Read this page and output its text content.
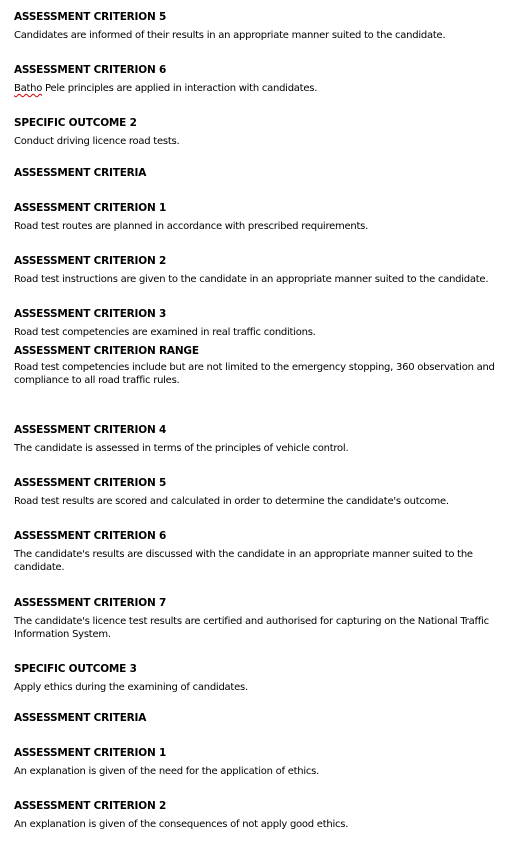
ASSESSMENT CRITERION 5
Candidates are informed of their results in an appropriate manner suited to the candidate.
ASSESSMENT CRITERION 6
Batho Pele principles are applied in interaction with candidates.
SPECIFIC OUTCOME 2
Conduct driving licence road tests.
ASSESSMENT CRITERIA
ASSESSMENT CRITERION 1
Road test routes are planned in accordance with prescribed requirements.
ASSESSMENT CRITERION 2
Road test instructions are given to the candidate in an appropriate manner suited to the candidate.
ASSESSMENT CRITERION 3
Road test competencies are examined in real traffic conditions.
ASSESSMENT CRITERION RANGE
Road test competencies include but are not limited to the emergency stopping, 360 observation and compliance to all road traffic rules.
ASSESSMENT CRITERION 4
The candidate is assessed in terms of the principles of vehicle control.
ASSESSMENT CRITERION 5
Road test results are scored and calculated in order to determine the candidate's outcome.
ASSESSMENT CRITERION 6
The candidate's results are discussed with the candidate in an appropriate manner suited to the candidate.
ASSESSMENT CRITERION 7
The candidate's licence test results are certified and authorised for capturing on the National Traffic Information System.
SPECIFIC OUTCOME 3
Apply ethics during the examining of candidates.
ASSESSMENT CRITERIA
ASSESSMENT CRITERION 1
An explanation is given of the need for the application of ethics.
ASSESSMENT CRITERION 2
An explanation is given of the consequences of not apply good ethics.
